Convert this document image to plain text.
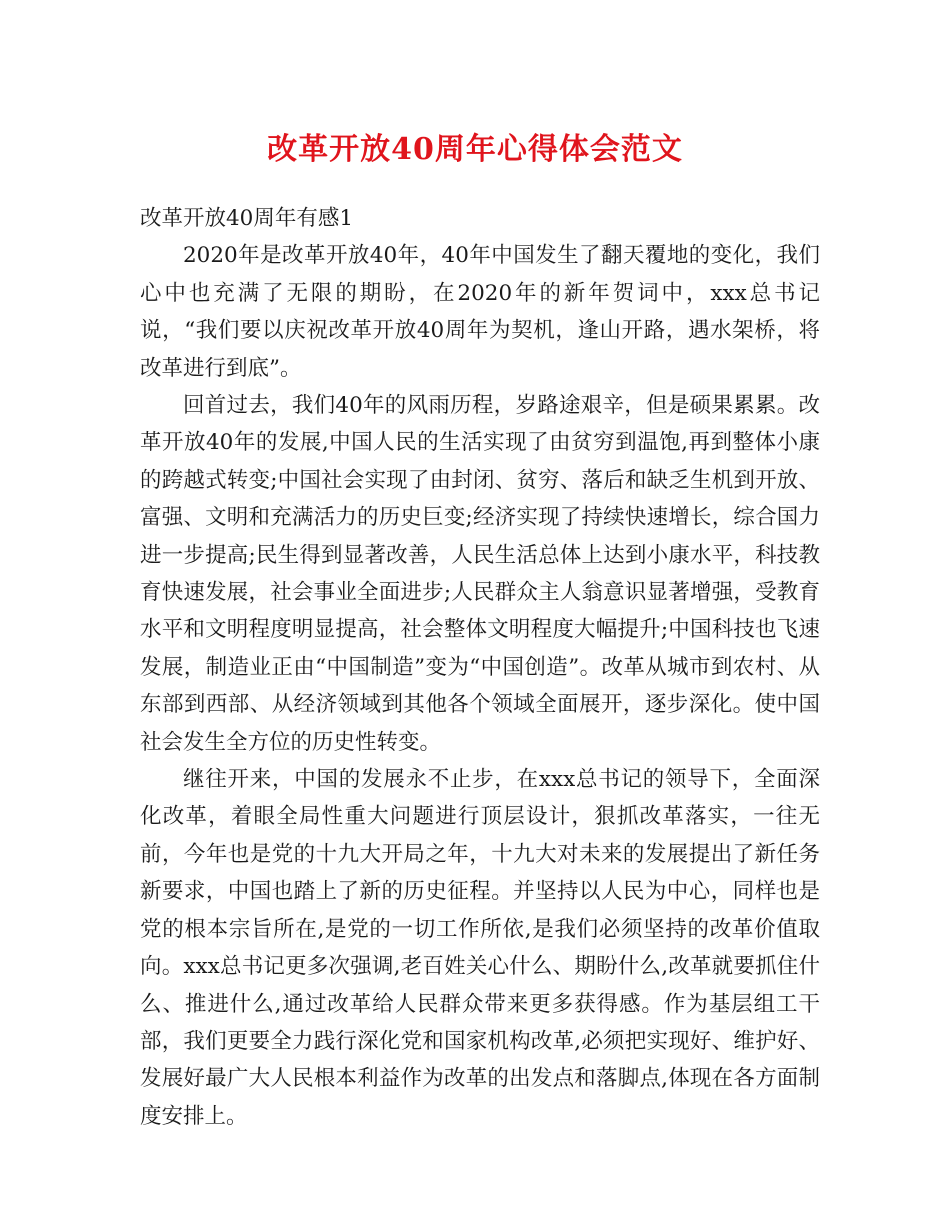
改革开放40周年心得体会范文

改革开放40周年有感1

2020年是改革开放40年，40年中国发生了翻天覆地的变化，我们心中也充满了无限的期盼，在2020年的新年贺词中，xxx总书记说，“我们要以庆祝改革开放40周年为契机，逢山开路，遇水架桥，将改革进行到底”。

回首过去，我们40年的风雨历程，岁路途艰辛，但是硕果累累。改革开放40年的发展,中国人民的生活实现了由贫穷到温饱,再到整体小康的跨越式转变;中国社会实现了由封闭、贫穷、落后和缺乏生机到开放、富强、文明和充满活力的历史巨变;经济实现了持续快速增长，综合国力进一步提高;民生得到显著改善，人民生活总体上达到小康水平，科技教育快速发展，社会事业全面进步;人民群众主人翁意识显著增强，受教育水平和文明程度明显提高，社会整体文明程度大幅提升;中国科技也飞速发展，制造业正由“中国制造”变为“中国创造”。改革从城市到农村、从东部到西部、从经济领域到其他各个领域全面展开，逐步深化。使中国社会发生全方位的历史性转变。

继往开来，中国的发展永不止步，在xxx总书记的领导下，全面深化改革，着眼全局性重大问题进行顶层设计，狠抓改革落实，一往无前，今年也是党的十九大开局之年，十九大对未来的发展提出了新任务新要求，中国也踏上了新的历史征程。并坚持以人民为中心，同样也是党的根本宗旨所在,是党的一切工作所依,是我们必须坚持的改革价值取向。xxx总书记更多次强调,老百姓关心什么、期盼什么,改革就要抓住什么、推进什么,通过改革给人民群众带来更多获得感。作为基层组工干部，我们更要全力践行深化党和国家机构改革,必须把实现好、维护好、发展好最广大人民根本利益作为改革的出发点和落脚点,体现在各方面制度安排上。
